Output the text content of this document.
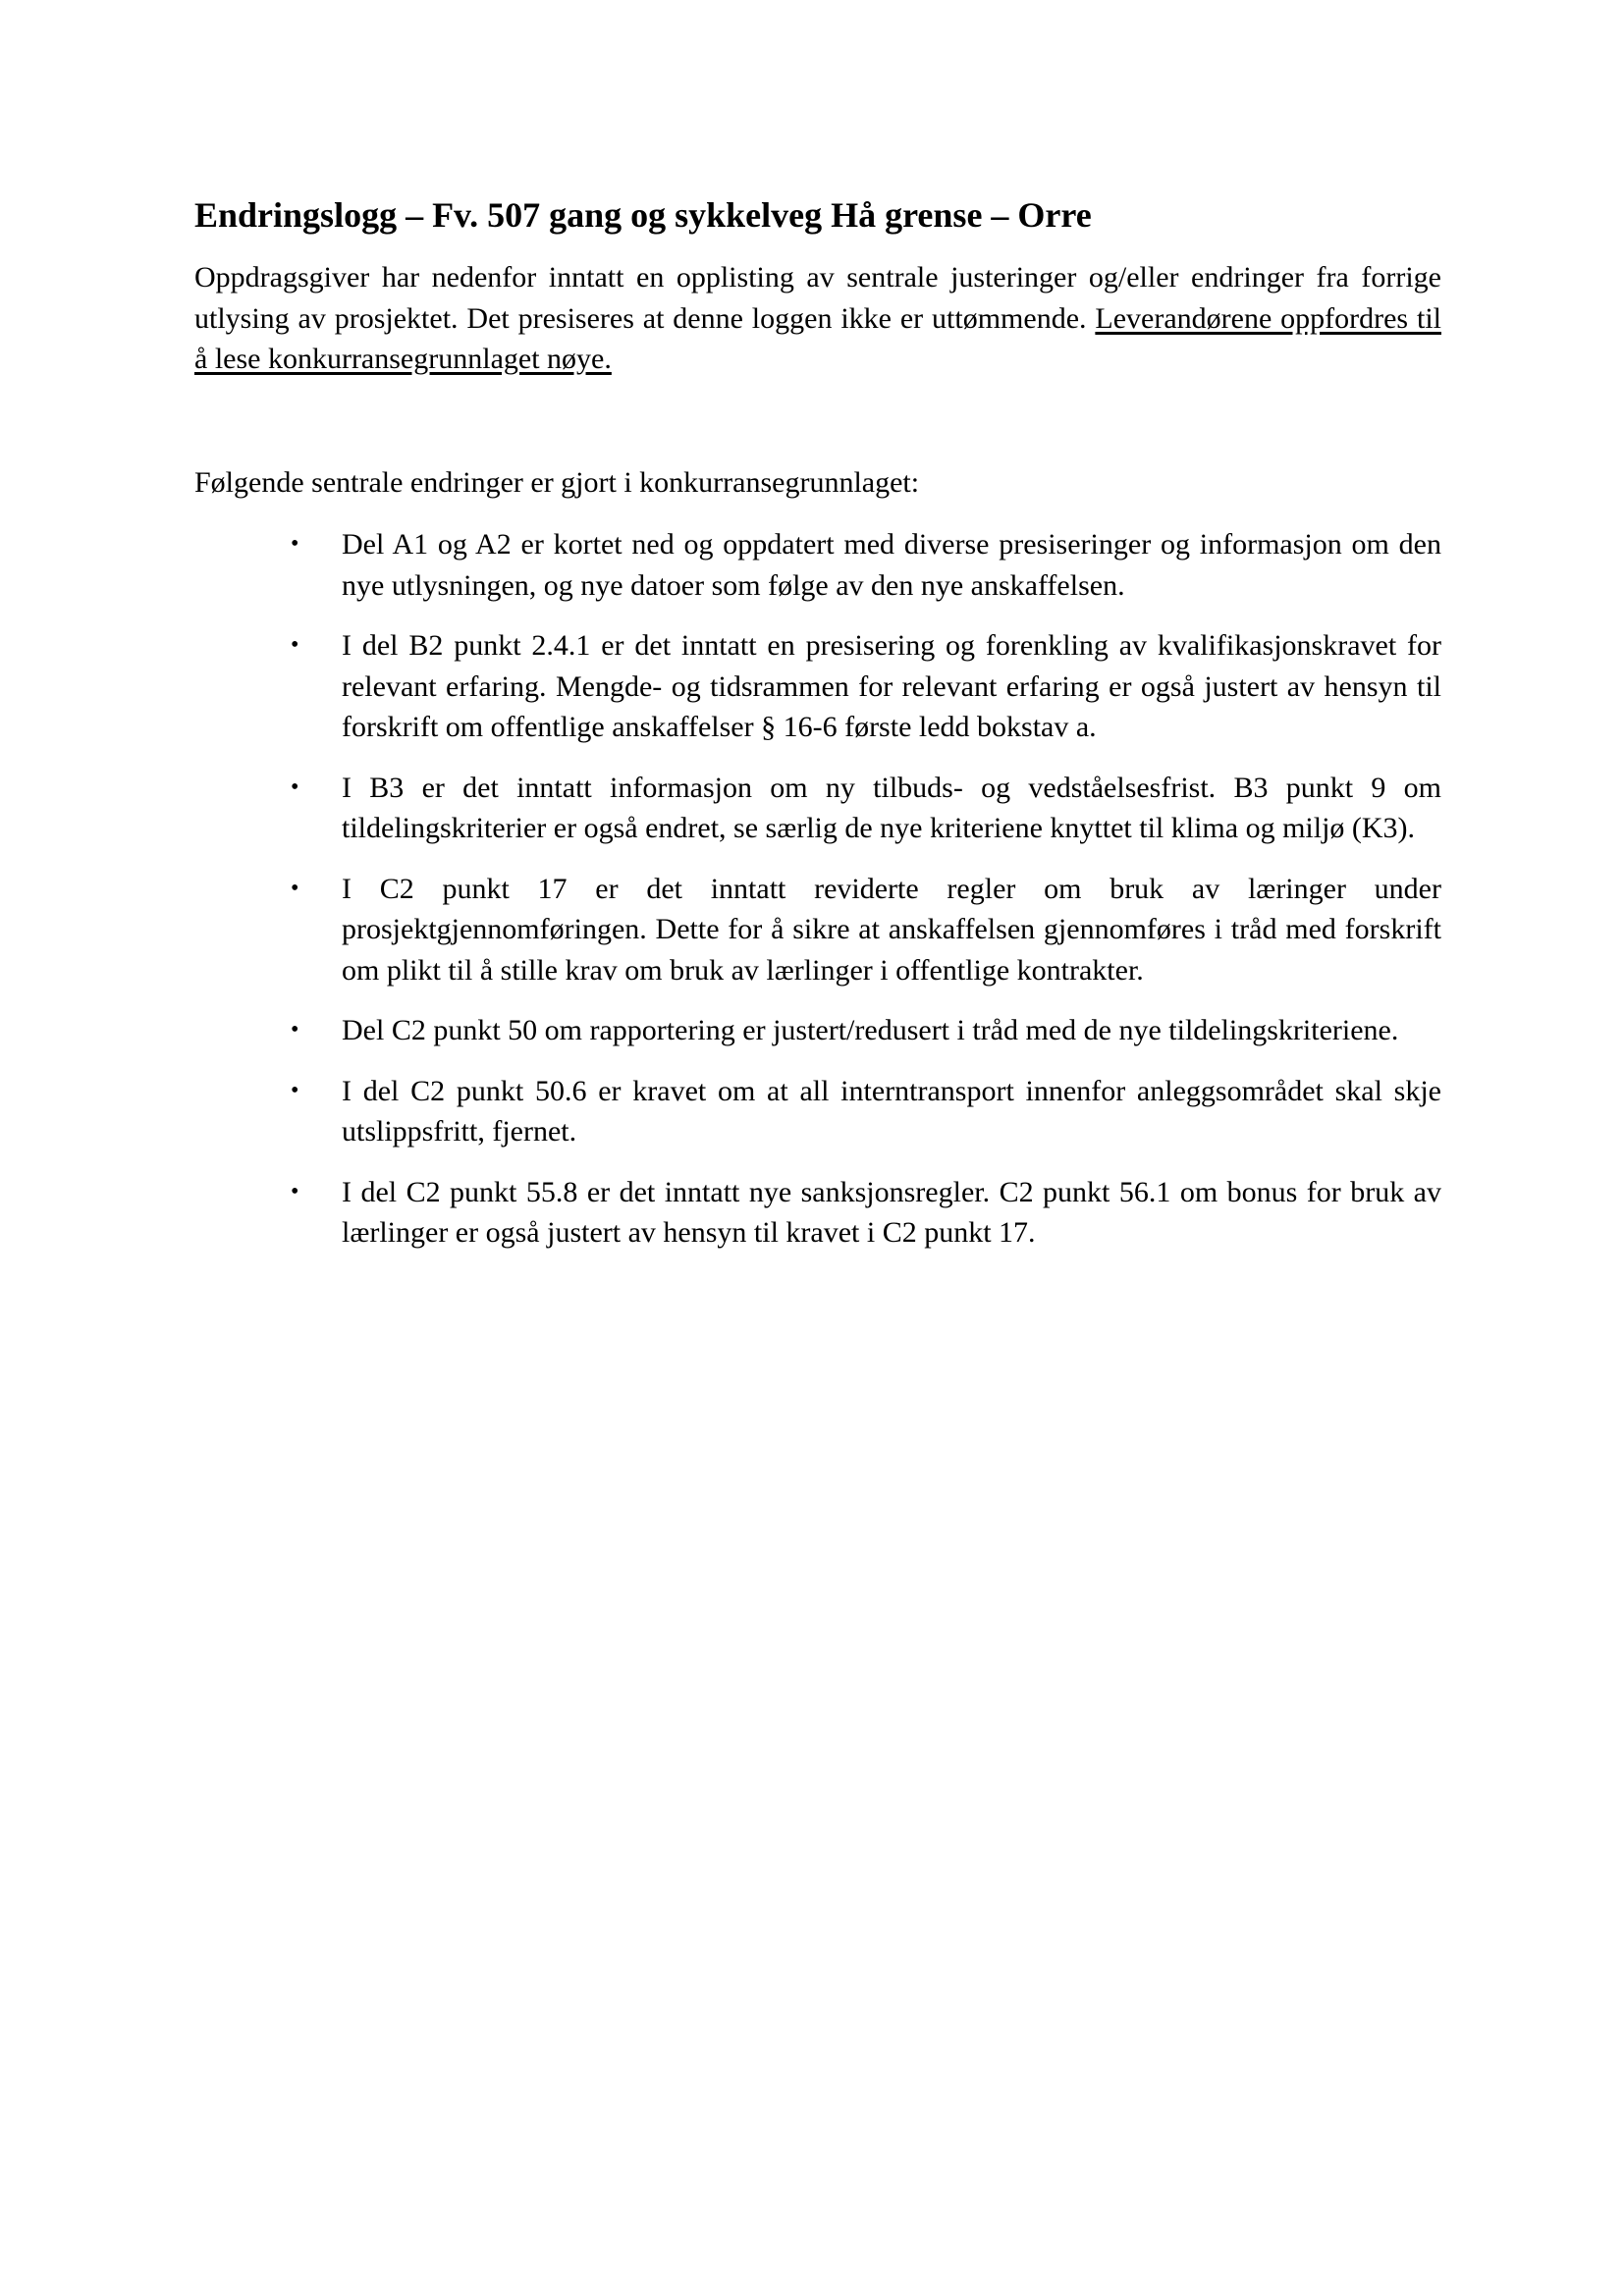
Endringslogg – Fv. 507 gang og sykkelveg Hå grense – Orre

Oppdragsgiver har nedenfor inntatt en opplisting av sentrale justeringer og/eller endringer fra forrige utlysing av prosjektet. Det presiseres at denne loggen ikke er uttømmende. Leverandørene oppfordres til å lese konkurransegrunnlaget nøye.

Følgende sentrale endringer er gjort i konkurransegrunnlaget:

• Del A1 og A2 er kortet ned og oppdatert med diverse presiseringer og informasjon om den nye utlysningen, og nye datoer som følge av den nye anskaffelsen.
• I del B2 punkt 2.4.1 er det inntatt en presisering og forenkling av kvalifikasjonskravet for relevant erfaring. Mengde- og tidsrammen for relevant erfaring er også justert av hensyn til forskrift om offentlige anskaffelser § 16-6 første ledd bokstav a.
• I B3 er det inntatt informasjon om ny tilbuds- og vedståelsesfrist. B3 punkt 9 om tildelingskriterier er også endret, se særlig de nye kriteriene knyttet til klima og miljø (K3).
• I C2 punkt 17 er det inntatt reviderte regler om bruk av læringer under prosjektgjennomføringen. Dette for å sikre at anskaffelsen gjennomføres i tråd med forskrift om plikt til å stille krav om bruk av lærlinger i offentlige kontrakter.
• Del C2 punkt 50 om rapportering er justert/redusert i tråd med de nye tildelingskriteriene.
• I del C2 punkt 50.6 er kravet om at all interntransport innenfor anleggsområdet skal skje utslippsfritt, fjernet.
• I del C2 punkt 55.8 er det inntatt nye sanksjonsregler. C2 punkt 56.1 om bonus for bruk av lærlinger er også justert av hensyn til kravet i C2 punkt 17.
